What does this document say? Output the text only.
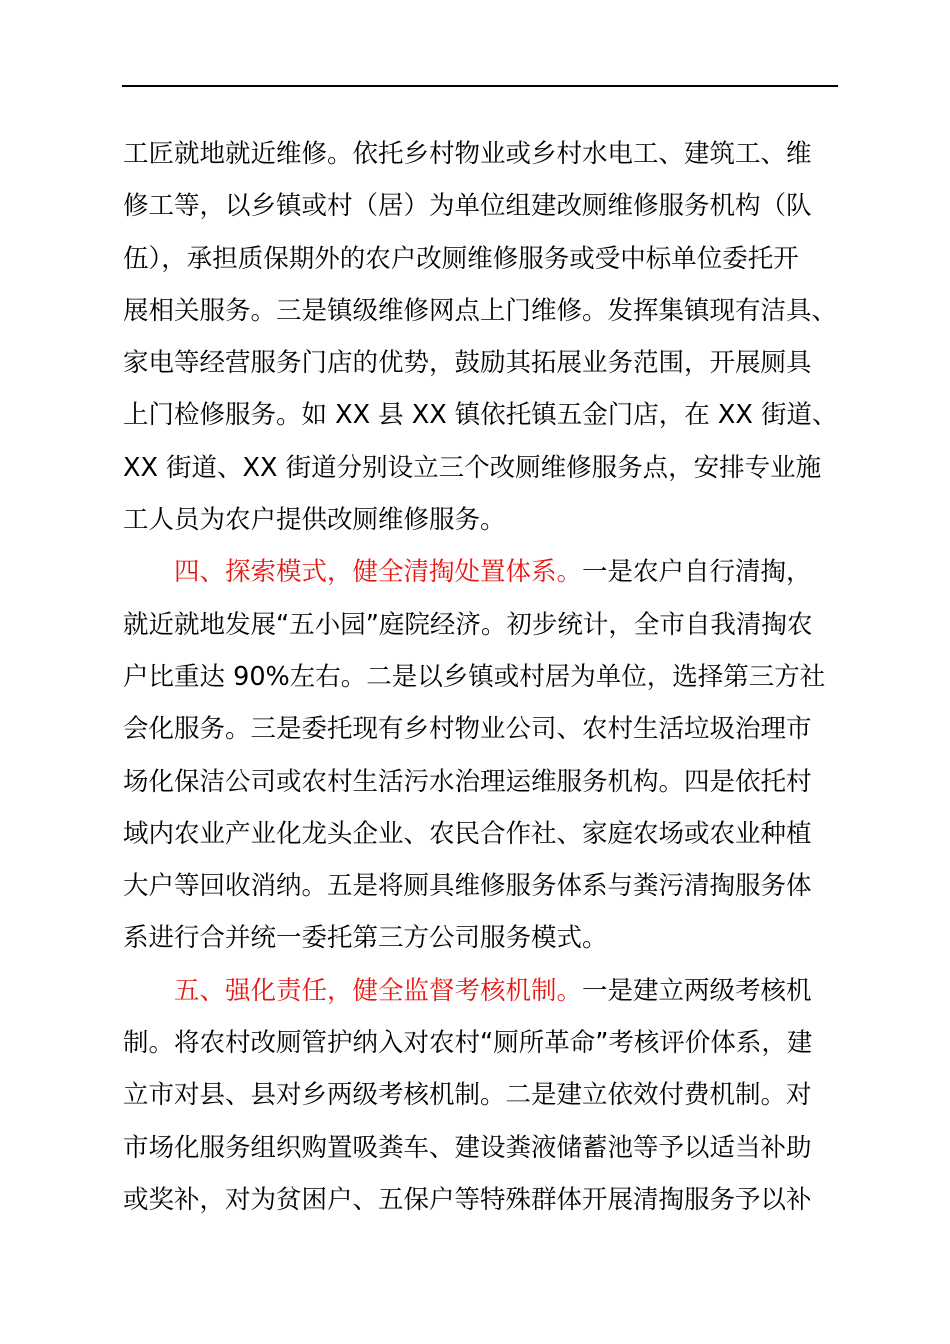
工匠就地就近维修。依托乡村物业或乡村水电工、建筑工、维
修工等，以乡镇或村（居）为单位组建改厕维修服务机构（队
伍），承担质保期外的农户改厕维修服务或受中标单位委托开
展相关服务。三是镇级维修网点上门维修。发挥集镇现有洁具、
家电等经营服务门店的优势，鼓励其拓展业务范围，开展厕具
上门检修服务。如 XX 县 XX 镇依托镇五金门店，在 XX 街道、
XX 街道、XX 街道分别设立三个改厕维修服务点，安排专业施
工人员为农户提供改厕维修服务。
四、探索模式，健全清掏处置体系。一是农户自行清掏，
就近就地发展“五小园”庭院经济。初步统计，全市自我清掏农
户比重达 90%左右。二是以乡镇或村居为单位，选择第三方社
会化服务。三是委托现有乡村物业公司、农村生活垃圾治理市
场化保洁公司或农村生活污水治理运维服务机构。四是依托村
域内农业产业化龙头企业、农民合作社、家庭农场或农业种植
大户等回收消纳。五是将厕具维修服务体系与粪污清掏服务体
系进行合并统一委托第三方公司服务模式。
五、强化责任，健全监督考核机制。一是建立两级考核机
制。将农村改厕管护纳入对农村“厕所革命”考核评价体系，建
立市对县、县对乡两级考核机制。二是建立依效付费机制。对
市场化服务组织购置吸粪车、建设粪液储蓄池等予以适当补助
或奖补，对为贫困户、五保户等特殊群体开展清掏服务予以补
